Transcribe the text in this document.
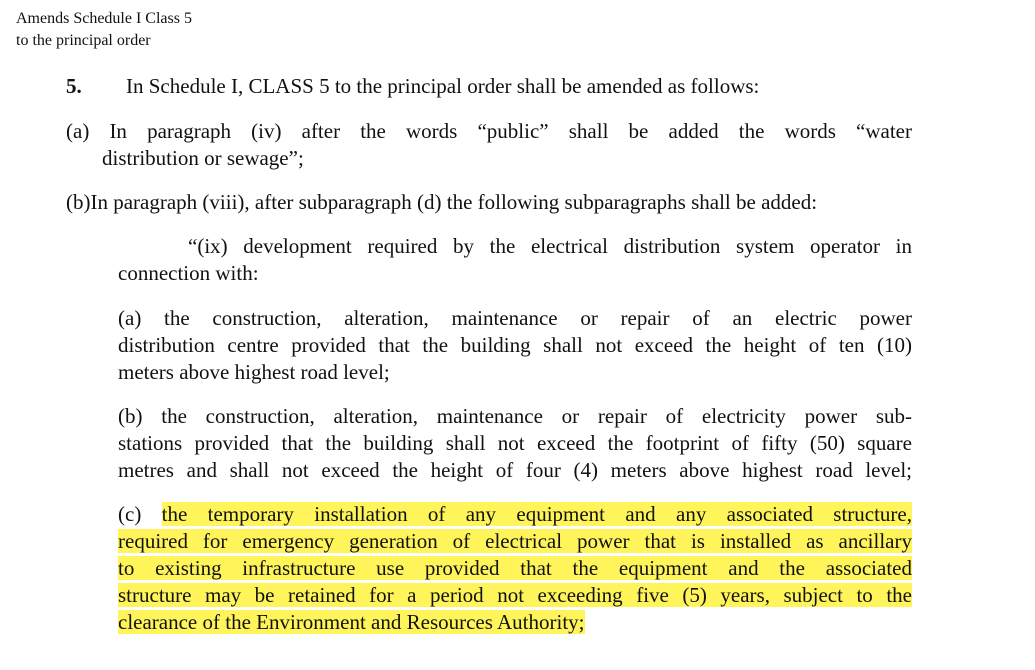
Amends Schedule I Class 5
to the principal order
5. In Schedule I, CLASS 5 to the principal order shall be amended as follows:
(a) In paragraph (iv) after the words “public” shall be added the words “water
distribution or sewage”;
(b)In paragraph (viii), after subparagraph (d) the following subparagraphs shall be added:
“(ix) development required by the electrical distribution system operator in
connection with:
(a) the construction, alteration, maintenance or repair of an electric power
distribution centre provided that the building shall not exceed the height of ten (10)
meters above highest road level;
(b) the construction, alteration, maintenance or repair of electricity power sub-
stations provided that the building shall not exceed the footprint of fifty (50) square
metres and shall not exceed the height of four (4) meters above highest road level;
(c) the temporary installation of any equipment and any associated structure,
required for emergency generation of electrical power that is installed as ancillary
to existing infrastructure use provided that the equipment and the associated
structure may be retained for a period not exceeding five (5) years, subject to the
clearance of the Environment and Resources Authority;
